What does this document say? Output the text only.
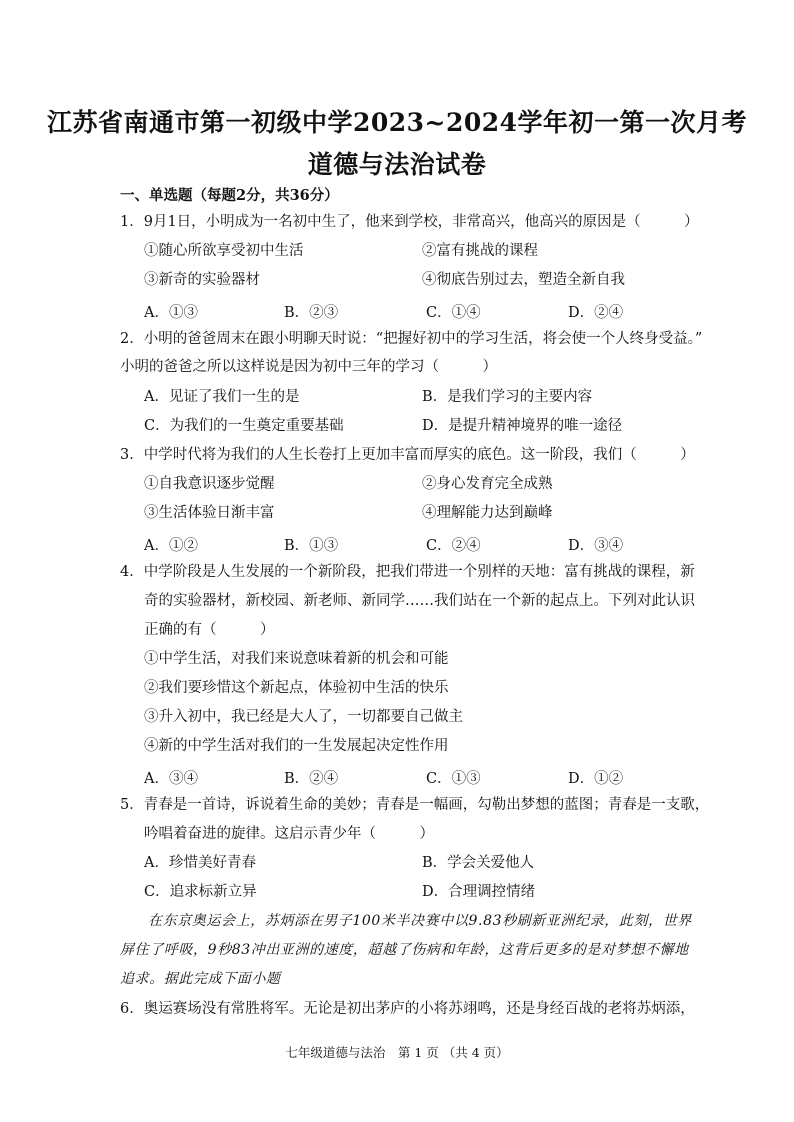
江苏省南通市第一初级中学2023~2024学年初一第一次月考
道德与法治试卷
一、单选题（每题2分，共36分）
1．9月1日，小明成为一名初中生了，他来到学校，非常高兴，他高兴的原因是（　　　）
①随心所欲享受初中生活	②富有挑战的课程
③新奇的实验器材	④彻底告别过去，塑造全新自我
A．①③	B．②③	C．①④	D．②④
2．小明的爸爸周末在跟小明聊天时说：“把握好初中的学习生活，将会使一个人终身受益。”
小明的爸爸之所以这样说是因为初中三年的学习（　　　）
A．见证了我们一生的是	B．是我们学习的主要内容
C．为我们的一生奠定重要基础	D．是提升精神境界的唯一途径
3．中学时代将为我们的人生长卷打上更加丰富而厚实的底色。这一阶段，我们（　　　）
①自我意识逐步觉醒	②身心发育完全成熟
③生活体验日渐丰富	④理解能力达到巅峰
A．①②	B．①③	C．②④	D．③④
4．中学阶段是人生发展的一个新阶段，把我们带进一个别样的天地：富有挑战的课程，新
奇的实验器材，新校园、新老师、新同学……我们站在一个新的起点上。下列对此认识
正确的有（　　　）
①中学生活，对我们来说意味着新的机会和可能
②我们要珍惜这个新起点，体验初中生活的快乐
③升入初中，我已经是大人了，一切都要自己做主
④新的中学生活对我们的一生发展起决定性作用
A．③④	B．②④	C．①③	D．①②
5．青春是一首诗，诉说着生命的美妙；青春是一幅画，勾勒出梦想的蓝图；青春是一支歌，
吟唱着奋进的旋律。这启示青少年（　　　）
A．珍惜美好青春	B．学会关爱他人
C．追求标新立异	D．合理调控情绪
在东京奥运会上，苏炳添在男子100米半决赛中以9.83秒刷新亚洲纪录，此刻，世界
屏住了呼吸，9秒83冲出亚洲的速度，超越了伤病和年龄，这背后更多的是对梦想不懈地
追求。据此完成下面小题
6．奥运赛场没有常胜将军。无论是初出茅庐的小将苏翊鸣，还是身经百战的老将苏炳添，
七年级道德与法治　第 1 页 （共 4 页）
